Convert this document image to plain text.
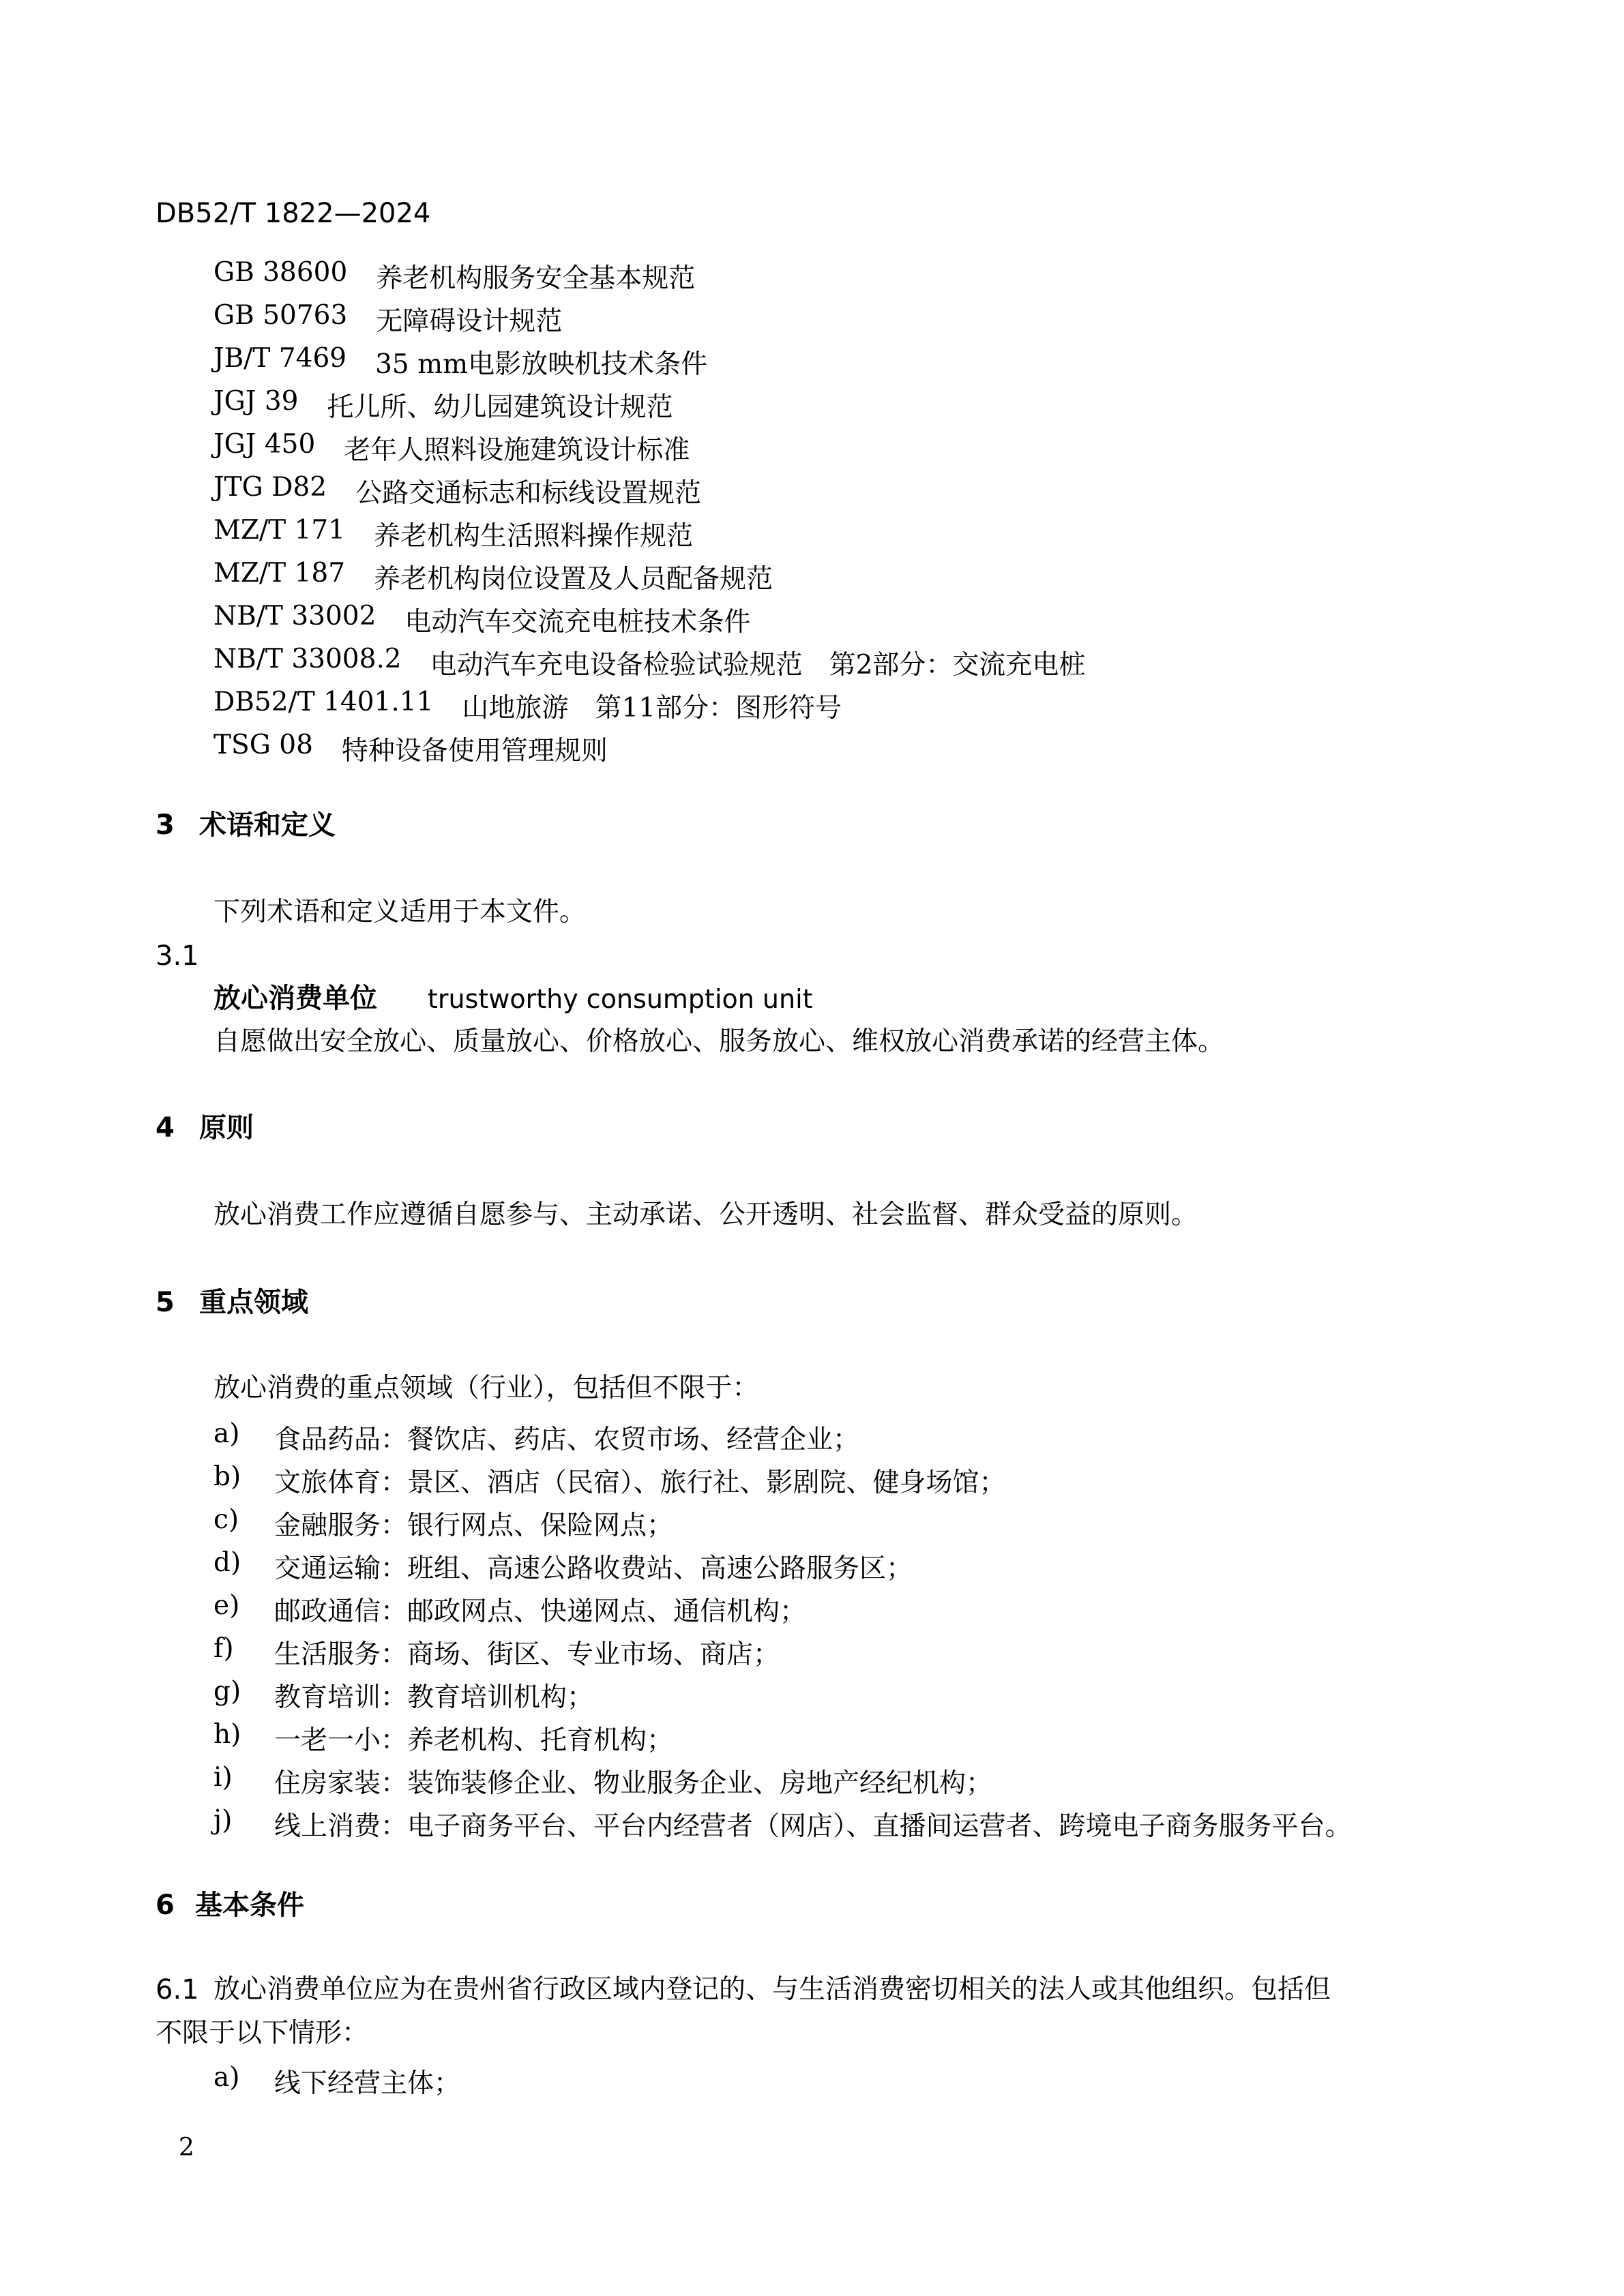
DB52/T 1822—2024
GB 38600 养老机构服务安全基本规范
GB 50763 无障碍设计规范
JB/T 7469 35 mm电影放映机技术条件
JGJ 39 托儿所、幼儿园建筑设计规范
JGJ 450 老年人照料设施建筑设计标准
JTG D82 公路交通标志和标线设置规范
MZ/T 171 养老机构生活照料操作规范
MZ/T 187 养老机构岗位设置及人员配备规范
NB/T 33002 电动汽车交流充电桩技术条件
NB/T 33008.2 电动汽车充电设备检验试验规范　第2部分：交流充电桩
DB52/T 1401.11 山地旅游　第11部分：图形符号
TSG 08 特种设备使用管理规则
3 术语和定义
下列术语和定义适用于本文件。
3.1
放心消费单位 trustworthy consumption unit
自愿做出安全放心、质量放心、价格放心、服务放心、维权放心消费承诺的经营主体。
4 原则
放心消费工作应遵循自愿参与、主动承诺、公开透明、社会监督、群众受益的原则。
5 重点领域
放心消费的重点领域（行业），包括但不限于：
a) 食品药品：餐饮店、药店、农贸市场、经营企业；
b) 文旅体育：景区、酒店（民宿）、旅行社、影剧院、健身场馆；
c) 金融服务：银行网点、保险网点；
d) 交通运输：班组、高速公路收费站、高速公路服务区；
e) 邮政通信：邮政网点、快递网点、通信机构；
f) 生活服务：商场、街区、专业市场、商店；
g) 教育培训：教育培训机构；
h) 一老一小：养老机构、托育机构；
i) 住房家装：装饰装修企业、物业服务企业、房地产经纪机构；
j) 线上消费：电子商务平台、平台内经营者（网店）、直播间运营者、跨境电子商务服务平台。
6 基本条件
6.1 放心消费单位应为在贵州省行政区域内登记的、与生活消费密切相关的法人或其他组织。包括但
不限于以下情形：
a) 线下经营主体；
2
